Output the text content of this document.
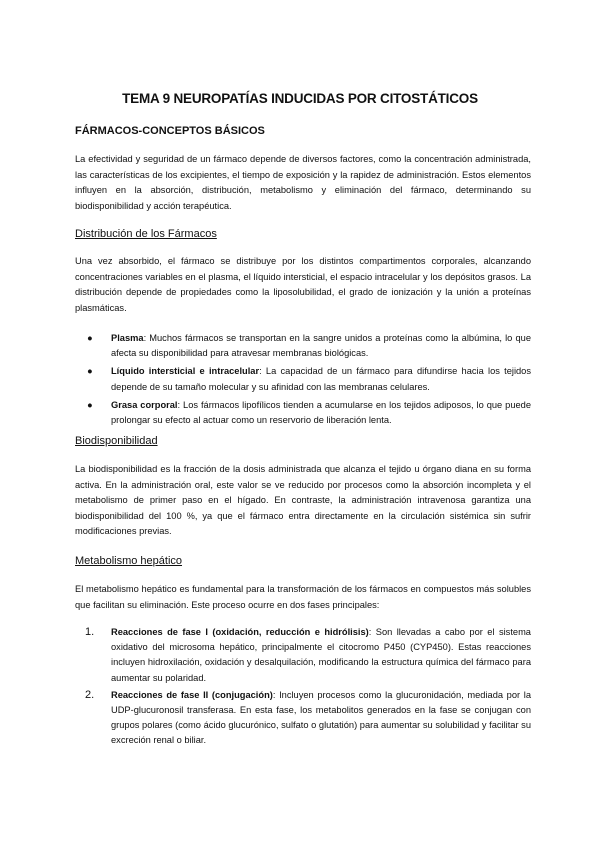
TEMA 9 NEUROPATÍAS INDUCIDAS POR CITOSTÁTICOS
FÁRMACOS-CONCEPTOS BÁSICOS

La efectividad y seguridad de un fármaco depende de diversos factores, como la concentración administrada, las características de los excipientes, el tiempo de exposición y la rapidez de administración. Estos elementos influyen en la absorción, distribución, metabolismo y eliminación del fármaco, determinando su biodisponibilidad y acción terapéutica.

Distribución de los Fármacos

Una vez absorbido, el fármaco se distribuye por los distintos compartimentos corporales, alcanzando concentraciones variables en el plasma, el líquido intersticial, el espacio intracelular y los depósitos grasos. La distribución depende de propiedades como la liposolubilidad, el grado de ionización y la unión a proteínas plasmáticas.

● Plasma: Muchos fármacos se transportan en la sangre unidos a proteínas como la albúmina, lo que afecta su disponibilidad para atravesar membranas biológicas.
● Líquido intersticial e intracelular: La capacidad de un fármaco para difundirse hacia los tejidos depende de su tamaño molecular y su afinidad con las membranas celulares.
● Grasa corporal: Los fármacos lipofílicos tienden a acumularse en los tejidos adiposos, lo que puede prolongar su efecto al actuar como un reservorio de liberación lenta.
Biodisponibilidad

La biodisponibilidad es la fracción de la dosis administrada que alcanza el tejido u órgano diana en su forma activa. En la administración oral, este valor se ve reducido por procesos como la absorción incompleta y el metabolismo de primer paso en el hígado. En contraste, la administración intravenosa garantiza una biodisponibilidad del 100 %, ya que el fármaco entra directamente en la circulación sistémica sin sufrir modificaciones previas.

Metabolismo hepático

El metabolismo hepático es fundamental para la transformación de los fármacos en compuestos más solubles que facilitan su eliminación. Este proceso ocurre en dos fases principales:

1. Reacciones de fase I (oxidación, reducción e hidrólisis): Son llevadas a cabo por el sistema oxidativo del microsoma hepático, principalmente el citocromo P450 (CYP450). Estas reacciones incluyen hidroxilación, oxidación y desalquilación, modificando la estructura química del fármaco para aumentar su polaridad.
2. Reacciones de fase II (conjugación): Incluyen procesos como la glucuronidación, mediada por la UDP-glucuronosil transferasa. En esta fase, los metabolitos generados en la fase se conjugan con grupos polares (como ácido glucurónico, sulfato o glutatión) para aumentar su solubilidad y facilitar su excreción renal o biliar.
